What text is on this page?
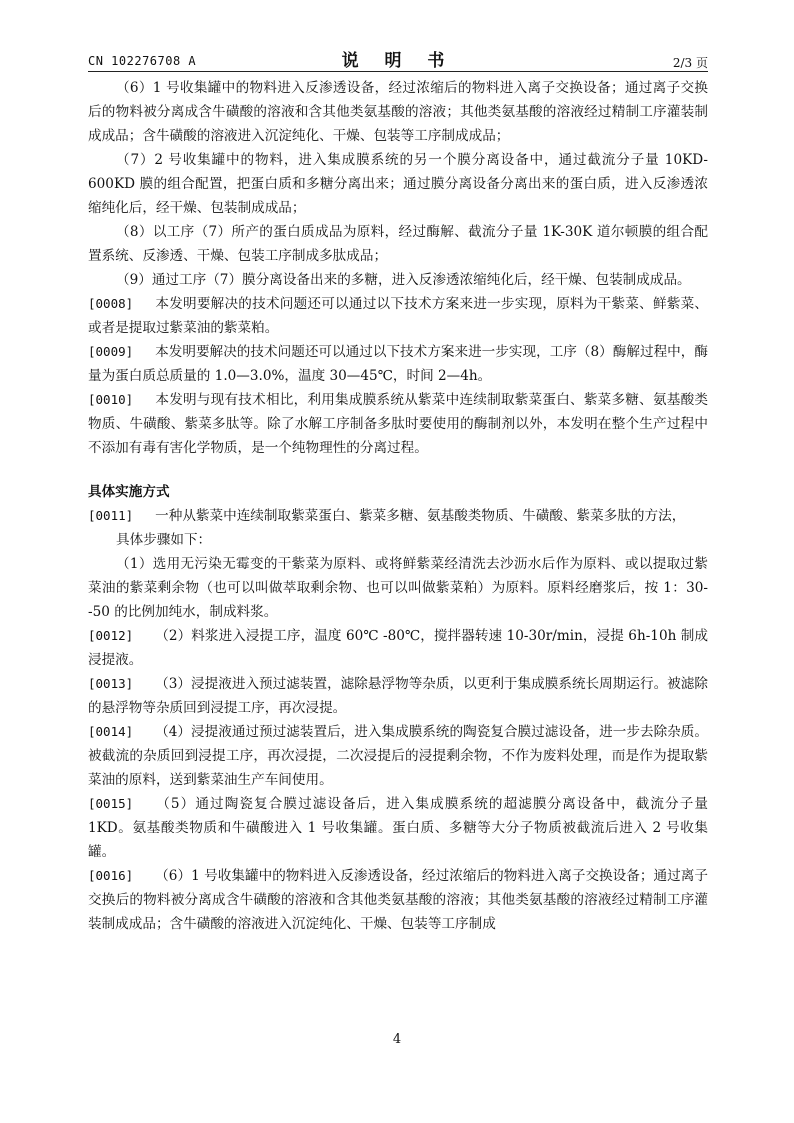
CN 102276708 A	说 明 书	2/3 页

（6）1 号收集罐中的物料进入反渗透设备，经过浓缩后的物料进入离子交换设备；通过离子交换后的物料被分离成含牛磺酸的溶液和含其他类氨基酸的溶液；其他类氨基酸的溶液经过精制工序灌装制成成品；含牛磺酸的溶液进入沉淀纯化、干燥、包装等工序制成成品；

（7）2 号收集罐中的物料，进入集成膜系统的另一个膜分离设备中，通过截流分子量 10KD-600KD 膜的组合配置，把蛋白质和多糖分离出来；通过膜分离设备分离出来的蛋白质，进入反渗透浓缩纯化后，经干燥、包装制成成品；

（8）以工序（7）所产的蛋白质成品为原料，经过酶解、截流分子量 1K-30K 道尔顿膜的组合配置系统、反渗透、干燥、包装工序制成多肽成品；

（9）通过工序（7）膜分离设备出来的多糖，进入反渗透浓缩纯化后，经干燥、包装制成成品。

[0008] 本发明要解决的技术问题还可以通过以下技术方案来进一步实现，原料为干紫菜、鲜紫菜、或者是提取过紫菜油的紫菜粕。

[0009] 本发明要解决的技术问题还可以通过以下技术方案来进一步实现，工序（8）酶解过程中，酶量为蛋白质总质量的 1.0—3.0%，温度 30—45℃，时间 2—4h。

[0010] 本发明与现有技术相比，利用集成膜系统从紫菜中连续制取紫菜蛋白、紫菜多糖、氨基酸类物质、牛磺酸、紫菜多肽等。除了水解工序制备多肽时要使用的酶制剂以外，本发明在整个生产过程中不添加有毒有害化学物质，是一个纯物理性的分离过程。

具体实施方式

[0011] 一种从紫菜中连续制取紫菜蛋白、紫菜多糖、氨基酸类物质、牛磺酸、紫菜多肽的方法，

具体步骤如下：

（1）选用无污染无霉变的干紫菜为原料、或将鲜紫菜经清洗去沙沥水后作为原料、或以提取过紫菜油的紫菜剩余物（也可以叫做萃取剩余物、也可以叫做紫菜粕）为原料。原料经磨浆后，按 1：30--50 的比例加纯水，制成料浆。

[0012] （2）料浆进入浸提工序，温度 60℃ -80℃，搅拌器转速 10-30r/min，浸提 6h-10h 制成浸提液。

[0013] （3）浸提液进入预过滤装置，滤除悬浮物等杂质，以更利于集成膜系统长周期运行。被滤除的悬浮物等杂质回到浸提工序，再次浸提。

[0014] （4）浸提液通过预过滤装置后，进入集成膜系统的陶瓷复合膜过滤设备，进一步去除杂质。被截流的杂质回到浸提工序，再次浸提，二次浸提后的浸提剩余物，不作为废料处理，而是作为提取紫菜油的原料，送到紫菜油生产车间使用。

[0015] （5）通过陶瓷复合膜过滤设备后，进入集成膜系统的超滤膜分离设备中，截流分子量 1KD。氨基酸类物质和牛磺酸进入 1 号收集罐。蛋白质、多糖等大分子物质被截流后进入 2 号收集罐。

[0016] （6）1 号收集罐中的物料进入反渗透设备，经过浓缩后的物料进入离子交换设备；通过离子交换后的物料被分离成含牛磺酸的溶液和含其他类氨基酸的溶液；其他类氨基酸的溶液经过精制工序灌装制成成品；含牛磺酸的溶液进入沉淀纯化、干燥、包装等工序制成

4
